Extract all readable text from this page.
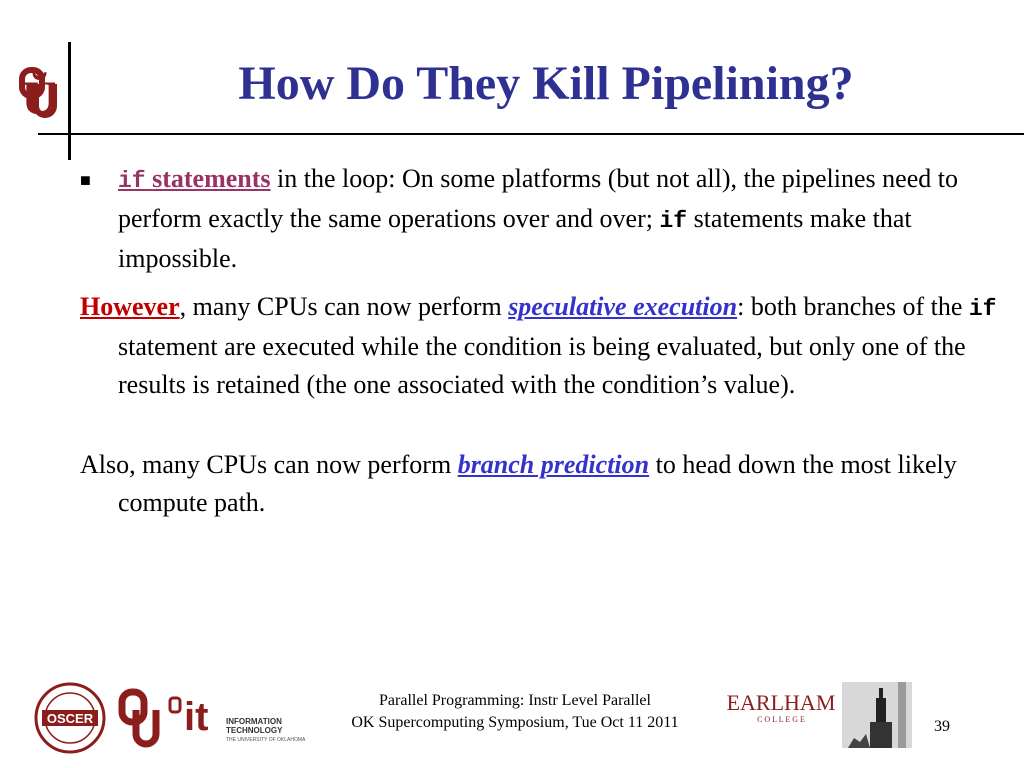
Ŭ	How Do They Kill Pipelining?
■	if statements in the loop: On some platforms (but not all), the pipelines need to perform exactly the same operations over and over; if statements make that impossible.
However, many CPUs can now perform speculative execution: both branches of the if statement are executed while the condition is being evaluated, but only one of the results is retained (the one associated with the condition’s value).
Also, many CPUs can now perform branch prediction to head down the most likely compute path.
OSCER it INFORMATION
TECHNOLOGY
THE UNIVERSITY OF OKLAHOMA
Parallel Programming: Instr Level Parallel
OK Supercomputing Symposium, Tue Oct 11 2011
EARLHAM
C O L L E G E	39
